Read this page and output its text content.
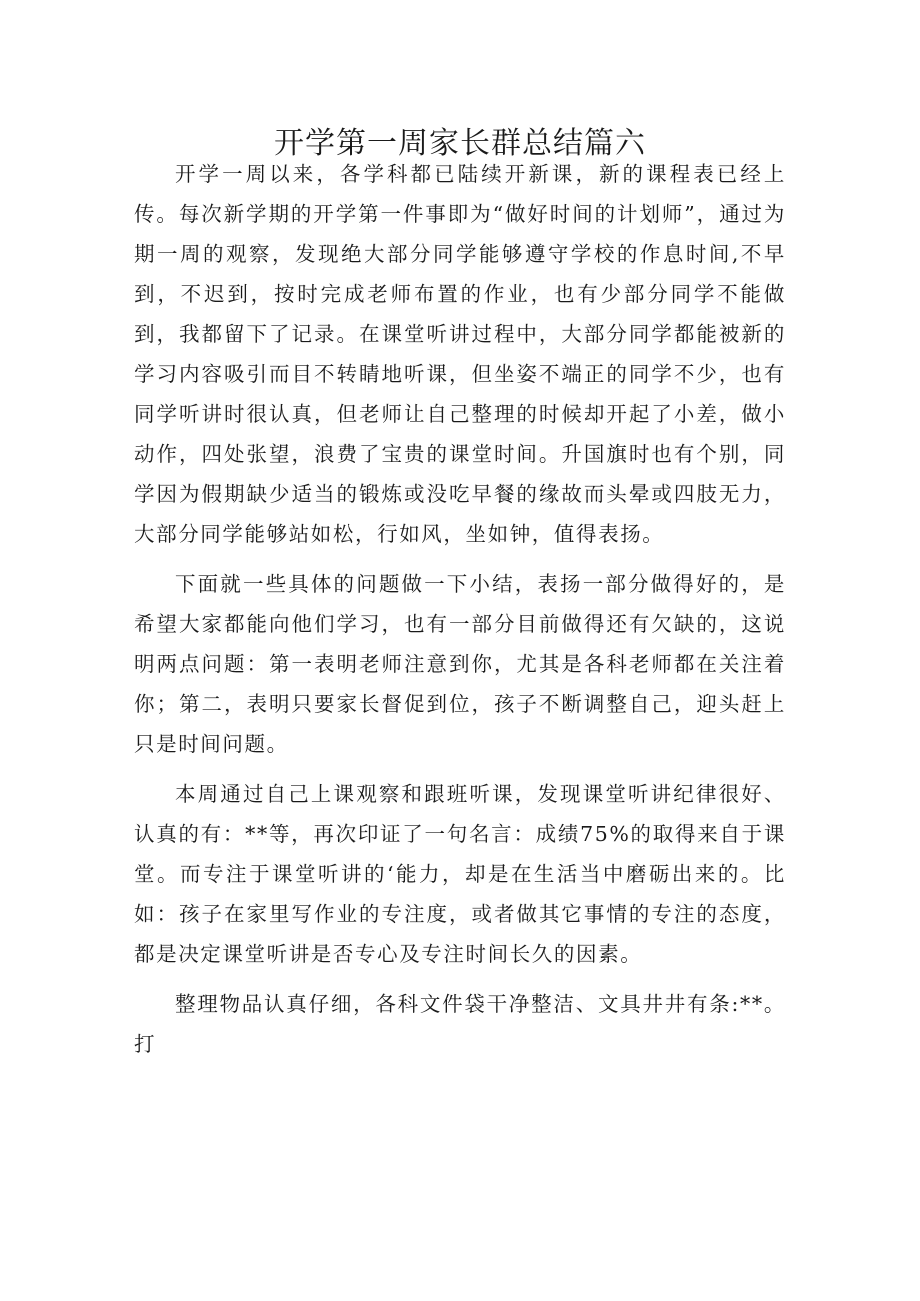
开学第一周家长群总结篇六

开学一周以来，各学科都已陆续开新课，新的课程表已经上传。每次新学期的开学第一件事即为“做好时间的计划师”，通过为期一周的观察，发现绝大部分同学能够遵守学校的作息时间,不早到，不迟到，按时完成老师布置的作业，也有少部分同学不能做到，我都留下了记录。在课堂听讲过程中，大部分同学都能被新的学习内容吸引而目不转睛地听课，但坐姿不端正的同学不少，也有同学听讲时很认真，但老师让自己整理的时候却开起了小差，做小动作，四处张望，浪费了宝贵的课堂时间。升国旗时也有个别，同学因为假期缺少适当的锻炼或没吃早餐的缘故而头晕或四肢无力，大部分同学能够站如松，行如风，坐如钟，值得表扬。

下面就一些具体的问题做一下小结，表扬一部分做得好的，是希望大家都能向他们学习，也有一部分目前做得还有欠缺的，这说明两点问题：第一表明老师注意到你，尤其是各科老师都在关注着你；第二，表明只要家长督促到位，孩子不断调整自己，迎头赶上只是时间问题。

本周通过自己上课观察和跟班听课，发现课堂听讲纪律很好、认真的有：**等，再次印证了一句名言：成绩75%的取得来自于课堂。而专注于课堂听讲的‘能力，却是在生活当中磨砺出来的。比如：孩子在家里写作业的专注度，或者做其它事情的专注的态度，都是决定课堂听讲是否专心及专注时间长久的因素。

整理物品认真仔细，各科文件袋干净整洁、文具井井有条:**。打
